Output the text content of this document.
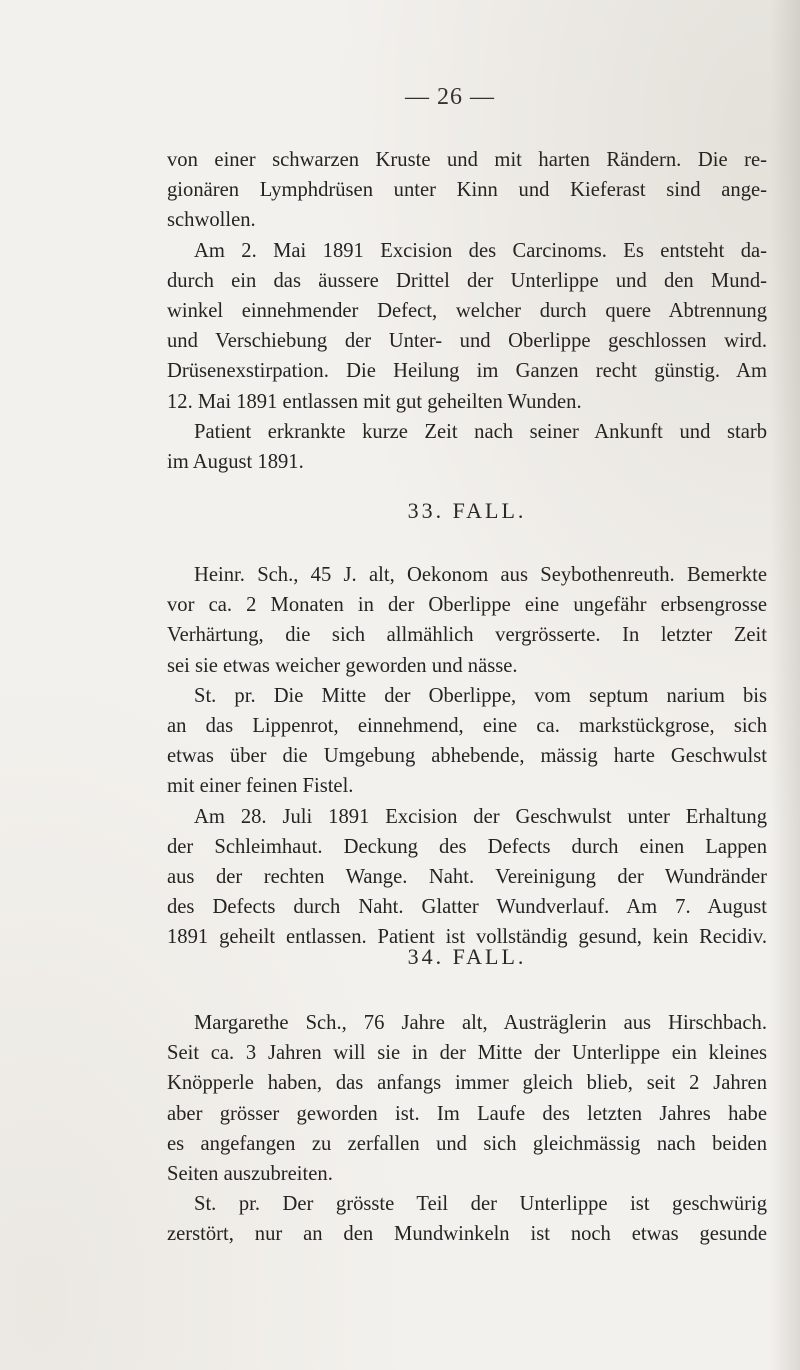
— 26 —
von einer schwarzen Kruste und mit harten Rändern. Die re-
gionären Lymphdrüsen unter Kinn und Kieferast sind ange-
schwollen.
Am 2. Mai 1891 Excision des Carcinoms. Es entsteht da-
durch ein das äussere Drittel der Unterlippe und den Mund-
winkel einnehmender Defect, welcher durch quere Abtrennung
und Verschiebung der Unter- und Oberlippe geschlossen wird.
Drüsenexstirpation. Die Heilung im Ganzen recht günstig. Am
12. Mai 1891 entlassen mit gut geheilten Wunden.
Patient erkrankte kurze Zeit nach seiner Ankunft und starb
im August 1891.
33. FALL.
Heinr. Sch., 45 J. alt, Oekonom aus Seybothenreuth. Bemerkte
vor ca. 2 Monaten in der Oberlippe eine ungefähr erbsengrosse
Verhärtung, die sich allmählich vergrösserte. In letzter Zeit
sei sie etwas weicher geworden und nässe.
St. pr. Die Mitte der Oberlippe, vom septum narium bis
an das Lippenrot, einnehmend, eine ca. markstückgrose, sich
etwas über die Umgebung abhebende, mässig harte Geschwulst
mit einer feinen Fistel.
Am 28. Juli 1891 Excision der Geschwulst unter Erhaltung
der Schleimhaut. Deckung des Defects durch einen Lappen
aus der rechten Wange. Naht. Vereinigung der Wundränder
des Defects durch Naht. Glatter Wundverlauf. Am 7. August
1891 geheilt entlassen. Patient ist vollständig gesund, kein Recidiv.
34. FALL.
Margarethe Sch., 76 Jahre alt, Austräglerin aus Hirschbach.
Seit ca. 3 Jahren will sie in der Mitte der Unterlippe ein kleines
Knöpperle haben, das anfangs immer gleich blieb, seit 2 Jahren
aber grösser geworden ist. Im Laufe des letzten Jahres habe
es angefangen zu zerfallen und sich gleichmässig nach beiden
Seiten auszubreiten.
St. pr. Der grösste Teil der Unterlippe ist geschwürig
zerstört, nur an den Mundwinkeln ist noch etwas gesunde
